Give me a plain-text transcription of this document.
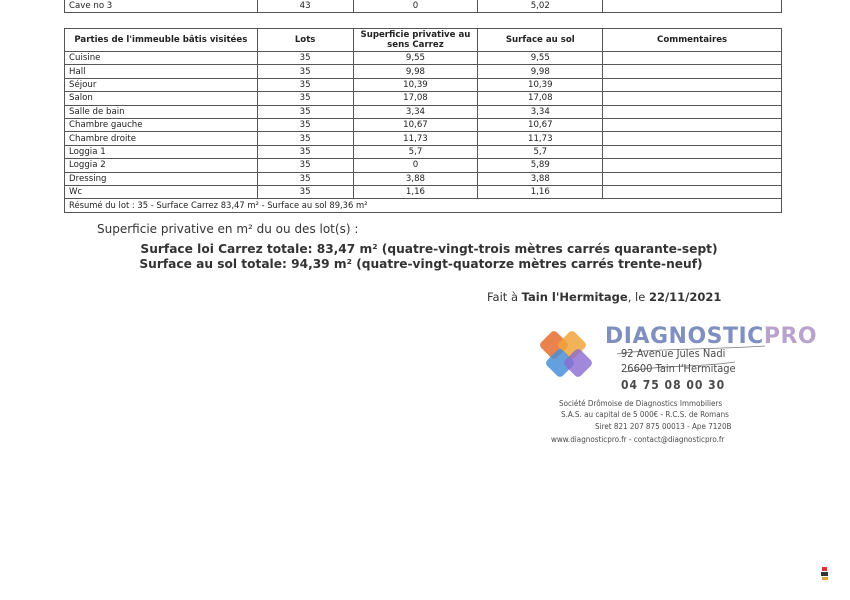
Cave no 3	43	0	5,02	
Parties de l'immeuble bâtis visitées	Lots	Superficie privative au sens Carrez	Surface au sol	Commentaires
Cuisine	35	9,55	9,55	
Hall	35	9,98	9,98	
Séjour	35	10,39	10,39	
Salon	35	17,08	17,08	
Salle de bain	35	3,34	3,34	
Chambre gauche	35	10,67	10,67	
Chambre droite	35	11,73	11,73	
Loggia 1	35	5,7	5,7	
Loggia 2	35	0	5,89	
Dressing	35	3,88	3,88	
Wc	35	1,16	1,16	
Résumé du lot : 35 - Surface Carrez 83,47 m² - Surface au sol 89,36 m²				
Superficie privative en m² du ou des lot(s) :
Surface loi Carrez totale: 83,47 m² (quatre-vingt-trois mètres carrés quarante-sept)
Surface au sol totale: 94,39 m² (quatre-vingt-quatorze mètres carrés trente-neuf)
Fait à Tain l'Hermitage, le 22/11/2021
DIAGNOSTICPRO
92 Avenue Jules Nadi
26600 Tain l'Hermitage
04 75 08 00 30
Société Drômoise de Diagnostics Immobiliers
S.A.S. au capital de 5 000€ - R.C.S. de Romans
Siret 821 207 875 00013 - Ape 7120B
www.diagnosticpro.fr - contact@diagnosticpro.fr
